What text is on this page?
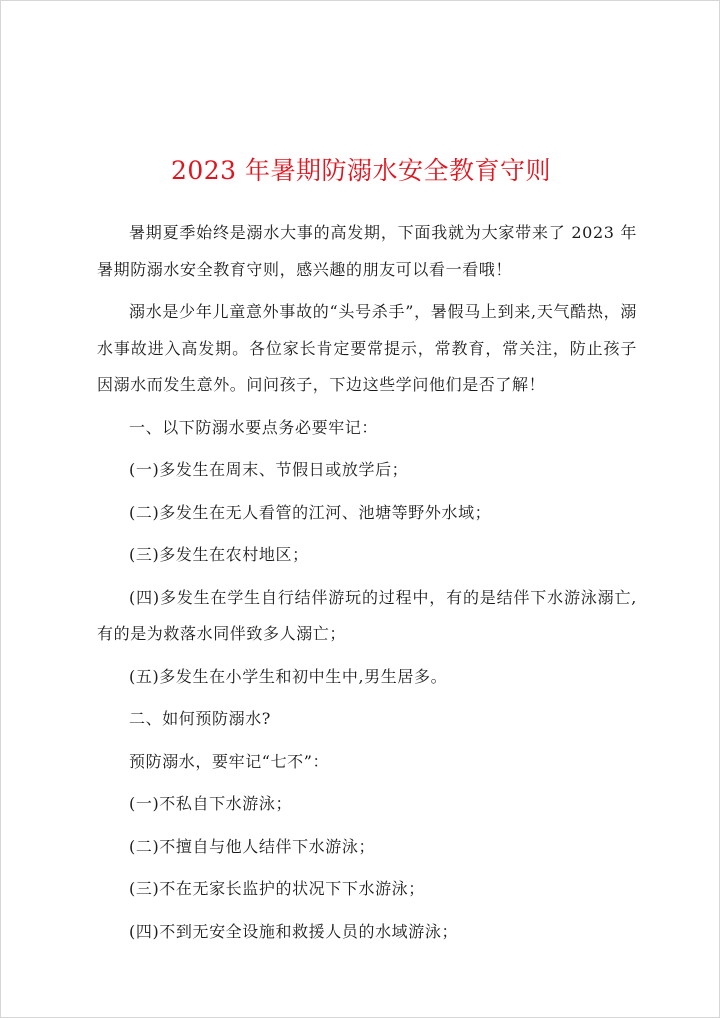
2023 年暑期防溺水安全教育守则

暑期夏季始终是溺水大事的高发期，下面我就为大家带来了 2023 年暑期防溺水安全教育守则，感兴趣的朋友可以看一看哦！

溺水是少年儿童意外事故的“头号杀手”，暑假马上到来,天气酷热，溺水事故进入高发期。各位家长肯定要常提示，常教育，常关注，防止孩子因溺水而发生意外。问问孩子，下边这些学问他们是否了解！

一、以下防溺水要点务必要牢记：

(一)多发生在周末、节假日或放学后；

(二)多发生在无人看管的江河、池塘等野外水域；

(三)多发生在农村地区；

(四)多发生在学生自行结伴游玩的过程中，有的是结伴下水游泳溺亡,有的是为救落水同伴致多人溺亡；

(五)多发生在小学生和初中生中,男生居多。

二、如何预防溺水?

预防溺水，要牢记“七不”：

(一)不私自下水游泳；

(二)不擅自与他人结伴下水游泳；

(三)不在无家长监护的状况下下水游泳；

(四)不到无安全设施和救援人员的水域游泳；
